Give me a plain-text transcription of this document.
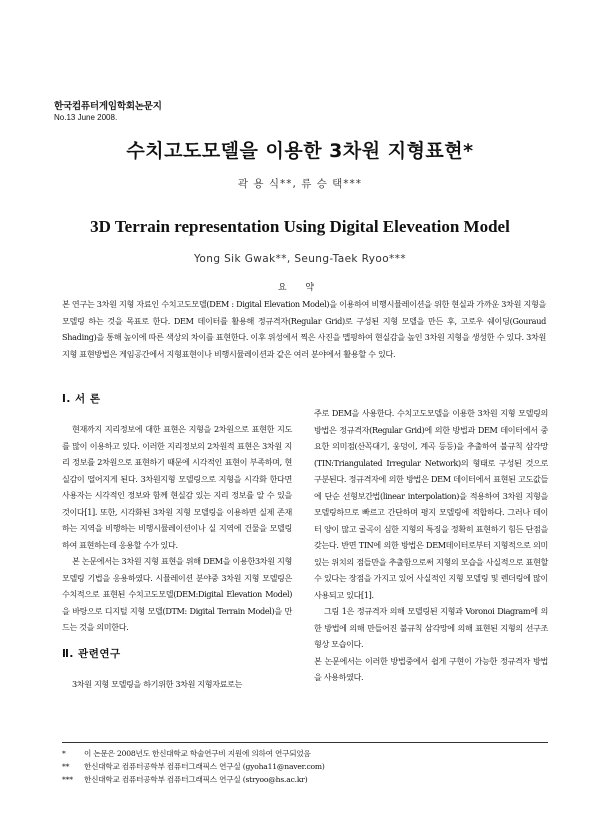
한국컴퓨터게임학회논문지
No.13 June 2008.
수치고도모델을 이용한 3차원 지형표현*
곽 용 식**, 류 승 택***
3D Terrain representation Using Digital Eleveation Model
Yong Sik Gwak**, Seung-Taek Ryoo***
요 약
본 연구는 3차원 지형 자료인 수치고도모델(DEM : Digital Elevation Model)을 이용하여 비행시뮬레이션을 위한 현실과 가까운 3차원 지형을 모델링 하는 것을 목표로 한다. DEM 데이터를 활용해 정규격자(Regular Grid)로 구성된 지형 모델을 만든 후, 고로우 쉐이딩(Gouraud Shading)을 통해 높이에 따른 색상의 차이를 표현한다. 이후 위성에서 찍은 사진을 맵핑하여 현실감을 높인 3차원 지형을 생성한 수 있다. 3차원지형 표현방법은 게임공간에서 지형표현이나 비행시뮬레이션과 같은 여러 분야에서 활용할 수 있다.
Ⅰ. 서 론

현재까지 지리정보에 대한 표현은 지형을 2차원으로 표현한 지도를 많이 이용하고 있다. 이러한 지리정보의 2차원적 표현은 3차원 지리 정보를 2차원으로 표현하기 때문에 시각적인 표현이 부족하며, 현실감이 떨어지게 된다. 3차원지형 모델링으로 지형을 시각화 한다면 사용자는 시각적인 정보와 함께 현실감 있는 지리 정보를 알 수 있을 것이다[1]. 또한, 시각화된 3차원 지형 모델링을 이용하면 실제 존재하는 지역을 비행하는 비행시뮬레이션이나 실 지역에 건물을 모델링하여 표현하는데 응용할 수가 있다.

본 논문에서는 3차원 지형 표현을 위해 DEM을 이용한3차원 지형 모델링 기법을 응용하였다. 시뮬레이션 분야중 3차원 지형 모델링은 수치적으로 표현된 수치고도모델(DEM:Digital Elevation Model)을 바탕으로 디지털 지형 모델(DTM: Digital Terrain Model)을 만드는 것을 의미한다.

Ⅱ. 관련연구

3차원 지형 모델링을 하기위한 3차원 지형자료로는

주로 DEM을 사용한다. 수치고도모델을 이용한 3차원 지형 모델링의 방법은 정규격자(Regular Grid)에 의한 방법과 DEM 데이터에서 중요한 의미점(산꼭대기, 웅덩이, 계곡 등등)을 추출하여 불규칙 삼각망(TIN:Triangulated Irregular Network)의 형태로 구성된 것으로 구분된다. 정규격자에 의한 방법은 DEM 데이터에서 표현된 고도값들에 단순 선형보간법(linear interpolation)을 적용하여 3차원 지형을 모델링하므로 빠르고 간단하며 평지 모델링에 적합하다. 그러나 데이터 양이 많고 굴곡이 심한 지형의 특징을 정확히 표현하기 힘든 단점을 갖는다. 반면 TIN에 의한 방법은 DEM데이터로부터 지형적으로 의미 있는 위치의 점들만을 추출함으로써 지형의 모습을 사실적으로 표현할 수 있다는 장점을 가지고 있어 사실적인 지형 모델링 및 렌더링에 많이 사용되고 있다[1].

그림 1은 정규격자 의해 모델링된 지형과 Voronoi Diagram에 의한 방법에 의해 만들어진 불규칙 삼각망에 의해 표현된 지형의 선구조 형상 모습이다.

본 논문에서는 이러한 방법중에서 쉽게 구현이 가능한 정규격자 방법을 사용하였다.

*	이 논문은 2008년도 한신대학교 학술연구비 지원에 의하여 연구되었음
**	한신대학교 컴퓨터공학부 컴퓨터그래픽스 연구실 (gyoha11@naver.com)
***	한신대학교 컴퓨터공학부 컴퓨터그래픽스 연구실 (stryoo@hs.ac.kr)
